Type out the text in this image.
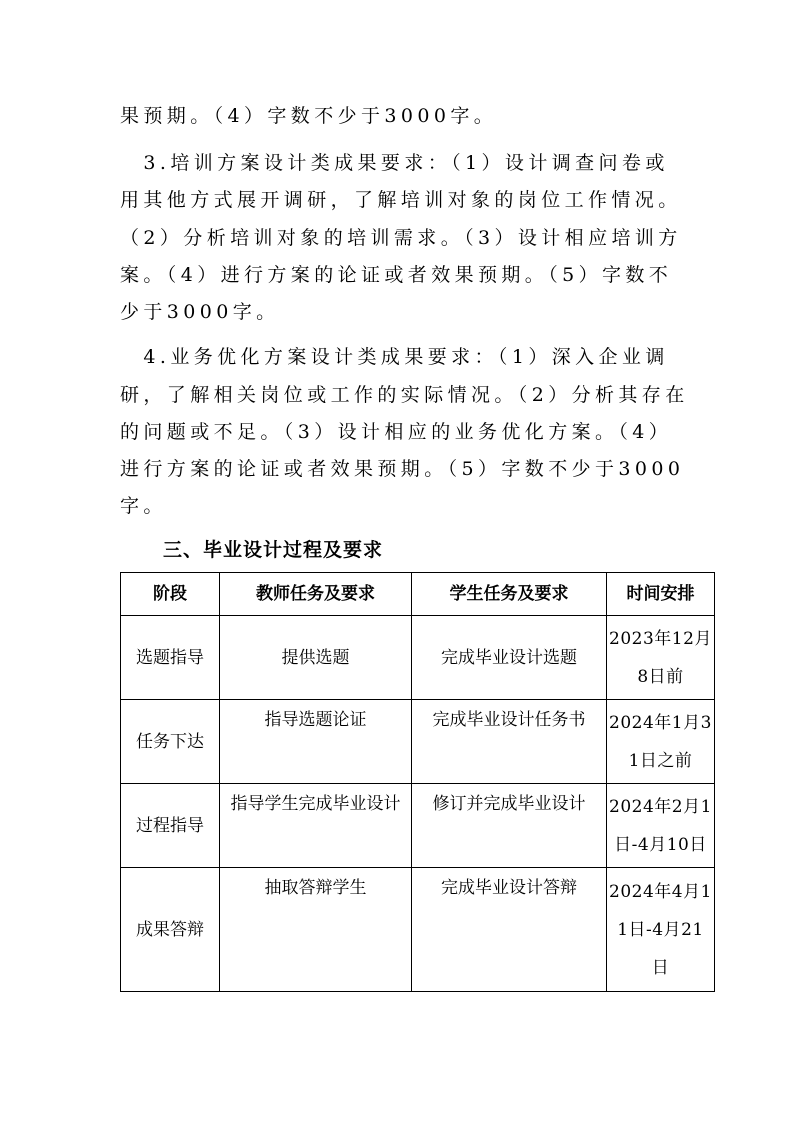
果预期。（4）字数不少于3000字。
　3.培训方案设计类成果要求：（1）设计调查问卷或
用其他方式展开调研，了解培训对象的岗位工作情况。
（2）分析培训对象的培训需求。（3）设计相应培训方
案。（4）进行方案的论证或者效果预期。（5）字数不
少于3000字。
　4.业务优化方案设计类成果要求：（1）深入企业调
研，了解相关岗位或工作的实际情况。（2）分析其存在
的问题或不足。（3）设计相应的业务优化方案。（4）
进行方案的论证或者效果预期。（5）字数不少于3000
字。
三、毕业设计过程及要求
阶段	教师任务及要求	学生任务及要求	时间安排
选题指导	提供选题	完成毕业设计选题	2023年12月8日前
任务下达	指导选题论证	完成毕业设计任务书	2024年1月31日之前
过程指导	指导学生完成毕业设计	修订并完成毕业设计	2024年2月1日-4月10日
成果答辩	抽取答辩学生	完成毕业设计答辩	2024年4月11日-4月21日
